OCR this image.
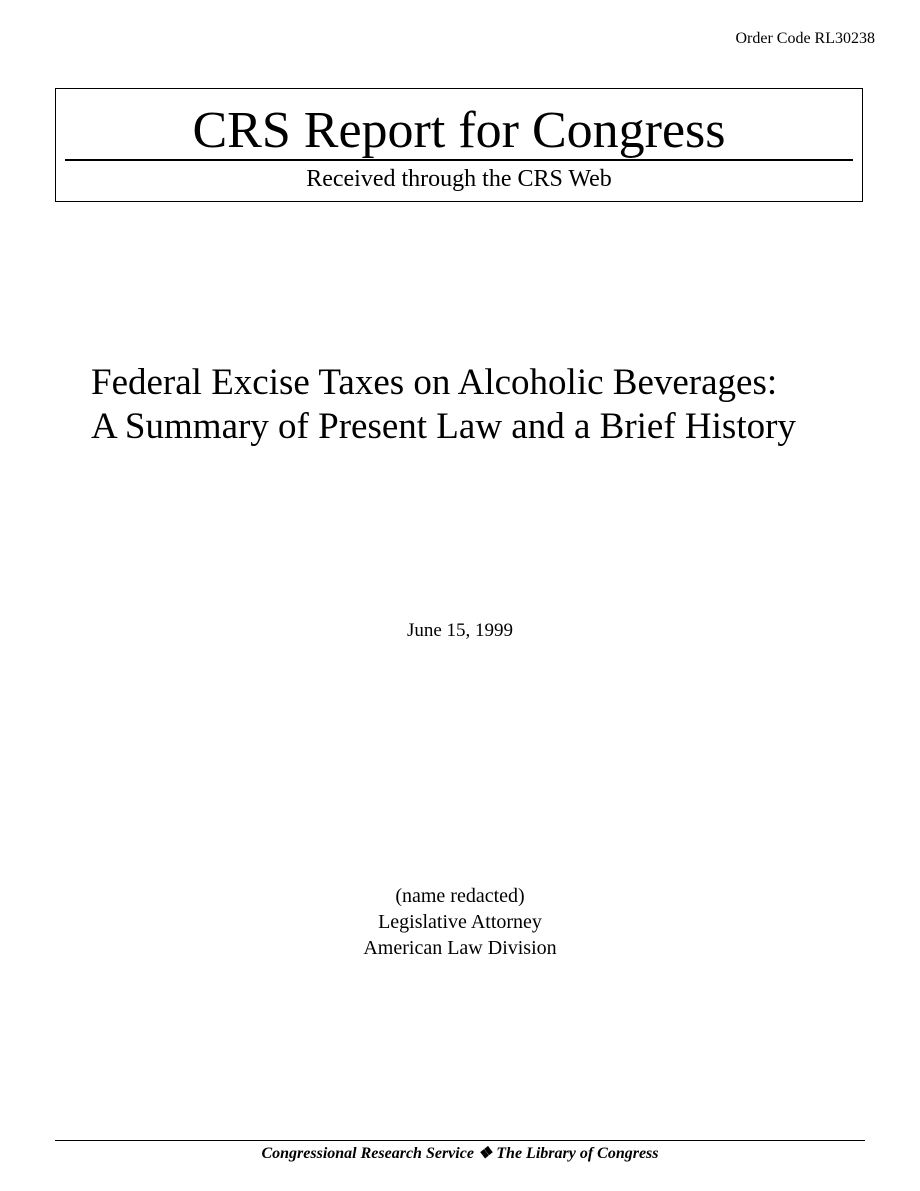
Order Code RL30238
CRS Report for Congress
Received through the CRS Web
Federal Excise Taxes on Alcoholic Beverages:
A Summary of Present Law and a Brief History
June 15, 1999
(name redacted)
Legislative Attorney
American Law Division
Congressional Research Service ❖ The Library of Congress
